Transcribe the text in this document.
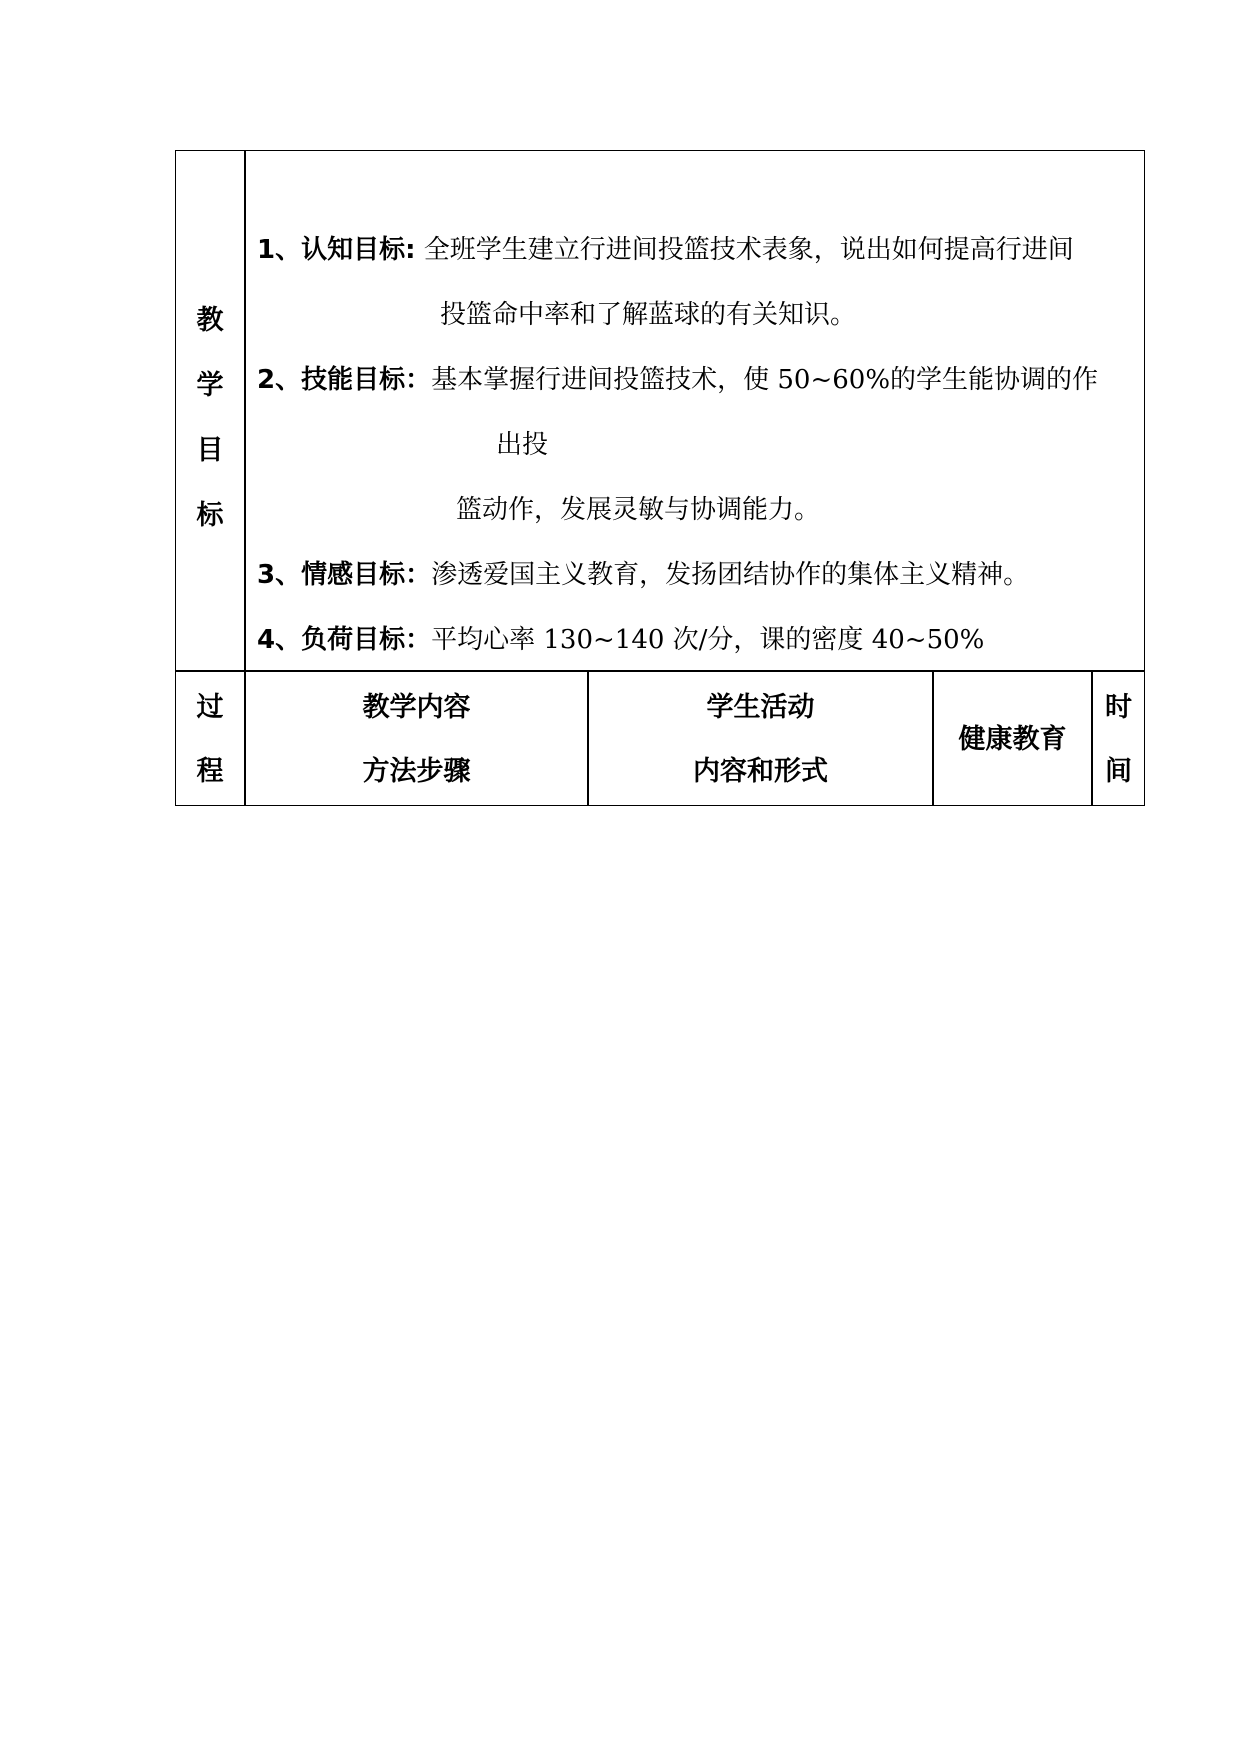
教
学
目
标
1、认知目标: 全班学生建立行进间投篮技术表象，说出如何提高行进间
投篮命中率和了解蓝球的有关知识。
2、技能目标：基本掌握行进间投篮技术，使 50~60%的学生能协调的作
出投
篮动作，发展灵敏与协调能力。
3、情感目标：渗透爱国主义教育，发扬团结协作的集体主义精神。
4、负荷目标：平均心率 130~140 次/分，课的密度 40~50%
过
程
教学内容
方法步骤
学生活动
内容和形式
健康教育
时
间
